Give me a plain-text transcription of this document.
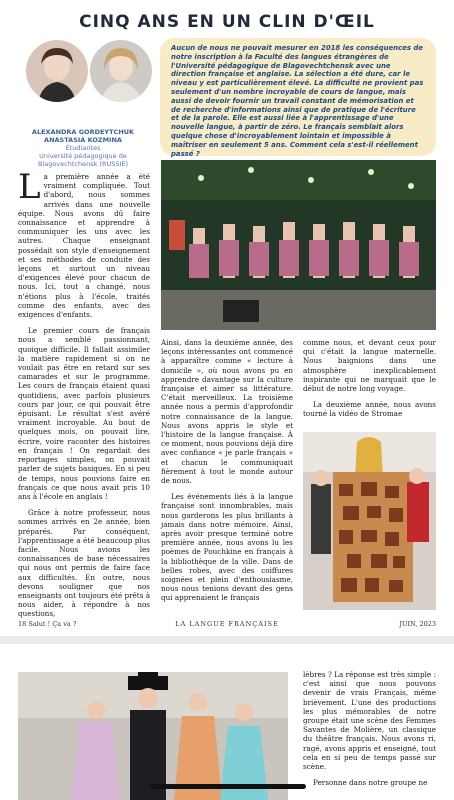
CINQ ANS EN UN CLIN D'ŒIL
ALEXANDRA GORDEYTCHUK
ANASTASIA KOZMINA
Étudiantes
Université pédagogique de
Blagovechtchensk (RUSSIE)
Aucun de nous ne pouvait mesurer en 2018 les conséquences de notre inscription à la Faculté des langues étrangères de l'Université pédagogique de Blagovechtchensk avec une direction française et anglaise. La sélection a été dure, car le niveau y est particulièrement élevé. La difficulté ne provient pas seulement d'un nombre incroyable de cours de langue, mais aussi de devoir fournir un travail constant de mémorisation et de recherche d'informations ainsi que de pratique de l'écriture et de la parole. Elle est aussi liée à l'apprentissage d'une nouvelle langue, à partir de zéro. Le français semblait alors quelque chose d'incroyablement lointain et impossible à maîtriser en seulement 5 ans. Comment cela s'est-il réellement passé ?

La première année a été vraiment compliquée. Tout d'abord, nous sommes arrivés dans une nouvelle équipe. Nous avons dû faire connaissance et apprendre à communiquer les uns avec les autres. Chaque enseignant possédait son style d'enseignement et ses méthodes de conduite des leçons et surtout un niveau d'exigences élevé pour chacun de nous. Ici, tout a changé, nous n'étions plus à l'école, traités comme des enfants, avec des exigences d'enfants.

Le premier cours de français nous a semblé passionnant, quoique difficile. Il fallait assimiler la matière rapidement si on ne voulait pas être en retard sur ses camarades et sur le programme. Les cours de français étaient quasi quotidiens, avec parfois plusieurs cours par jour, ce qui pouvait être épuisant. Le résultat s'est avéré vraiment incroyable. Au bout de quelques mois, on pouvait lire, écrire, voire raconter des histoires en français ! On regardait des reportages simples, on pouvait parler de sujets basiques. En si peu de temps, nous pouvions faire en français ce que nous avait pris 10 ans à l'école en anglais !

Grâce à notre professeur, nous sommes arrivés en 2e année, bien préparés. Par conséquent, l'apprentissage a été beaucoup plus facile. Nous avions les connaissances de base nécessaires qui nous ont permis de faire face aux difficultés. En outre, nous devons souligner que nos enseignants ont toujours été prêts à nous aider, à répondre à nos questions,

Ainsi, dans la deuxième année, des leçons intéressantes ont commencé à apparaître comme « lecture à domicile », où nous avons pu en apprendre davantage sur la culture française et aimer sa littérature. C'était merveilleux. La troisième année nous a permis d'approfondir notre connaissance de la langue. Nous avons appris le style et l'histoire de la langue française. À ce moment, nous pouvions déjà dire avec confiance « je parle français » et chacun le communiquait fièrement à tout le monde autour de nous.

Les événements liés à la langue française sont innombrables, mais nous garderons les plus brillants à jamais dans notre mémoire. Ainsi, après avoir presque terminé notre première année, nous avons lu les poèmes de Pouchkine en français à la bibliothèque de la ville. Dans de belles robes, avec des coiffures soignées et plein d'enthousiasme, nous nous tenions devant des gens qui apprenaient le français

comme nous, et devant ceux pour qui c'était la langue maternelle. Nous baignions dans une atmosphère inexplicablement inspirante qui ne marquait que le début de notre long voyage.

La deuxième année, nous avons tourné la vidéo de Stromae

18 Salut ! Ça va ?	LA LANGUE FRANÇAISE	JUIN, 2023

lèbres ? La réponse est très simple : c'est ainsi que nous pouvons devenir de vrais Français, même brièvement. L'une des productions les plus mémorables de notre groupe était une scène des Femmes Savantes de Molière, un classique du théâtre français. Nous avons ri, ragé, avons appris et enseigné, tout cela en si peu de temps passé sur scène.

Personne dans notre groupe ne
